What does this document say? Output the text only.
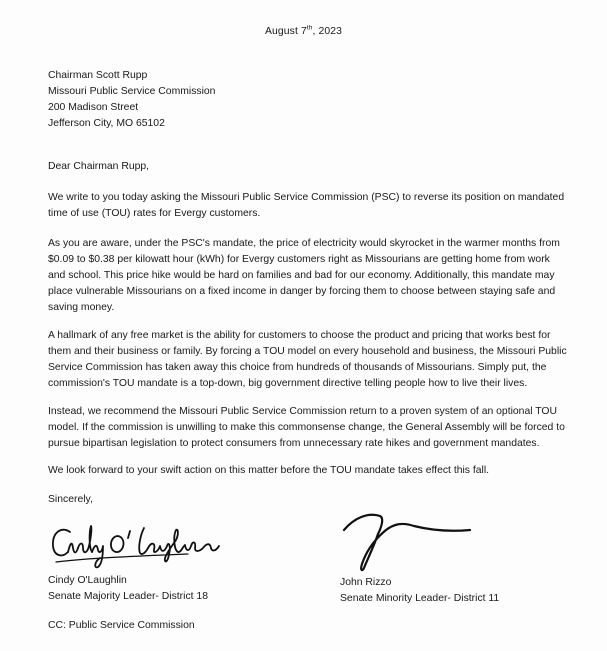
August 7th, 2023
Chairman Scott Rupp
Missouri Public Service Commission
200 Madison Street
Jefferson City, MO 65102
Dear Chairman Rupp,

We write to you today asking the Missouri Public Service Commission (PSC) to reverse its position on mandated time of use (TOU) rates for Evergy customers.

As you are aware, under the PSC's mandate, the price of electricity would skyrocket in the warmer months from $0.09 to $0.38 per kilowatt hour (kWh) for Evergy customers right as Missourians are getting home from work and school. This price hike would be hard on families and bad for our economy. Additionally, this mandate may place vulnerable Missourians on a fixed income in danger by forcing them to choose between staying safe and saving money.

A hallmark of any free market is the ability for customers to choose the product and pricing that works best for them and their business or family. By forcing a TOU model on every household and business, the Missouri Public Service Commission has taken away this choice from hundreds of thousands of Missourians. Simply put, the commission's TOU mandate is a top-down, big government directive telling people how to live their lives.

Instead, we recommend the Missouri Public Service Commission return to a proven system of an optional TOU model. If the commission is unwilling to make this commonsense change, the General Assembly will be forced to pursue bipartisan legislation to protect consumers from unnecessary rate hikes and government mandates.

We look forward to your swift action on this matter before the TOU mandate takes effect this fall.

Sincerely,
Cindy O'Laughlin
Senate Majority Leader- District 18
John Rizzo
Senate Minority Leader- District 11
CC: Public Service Commission
